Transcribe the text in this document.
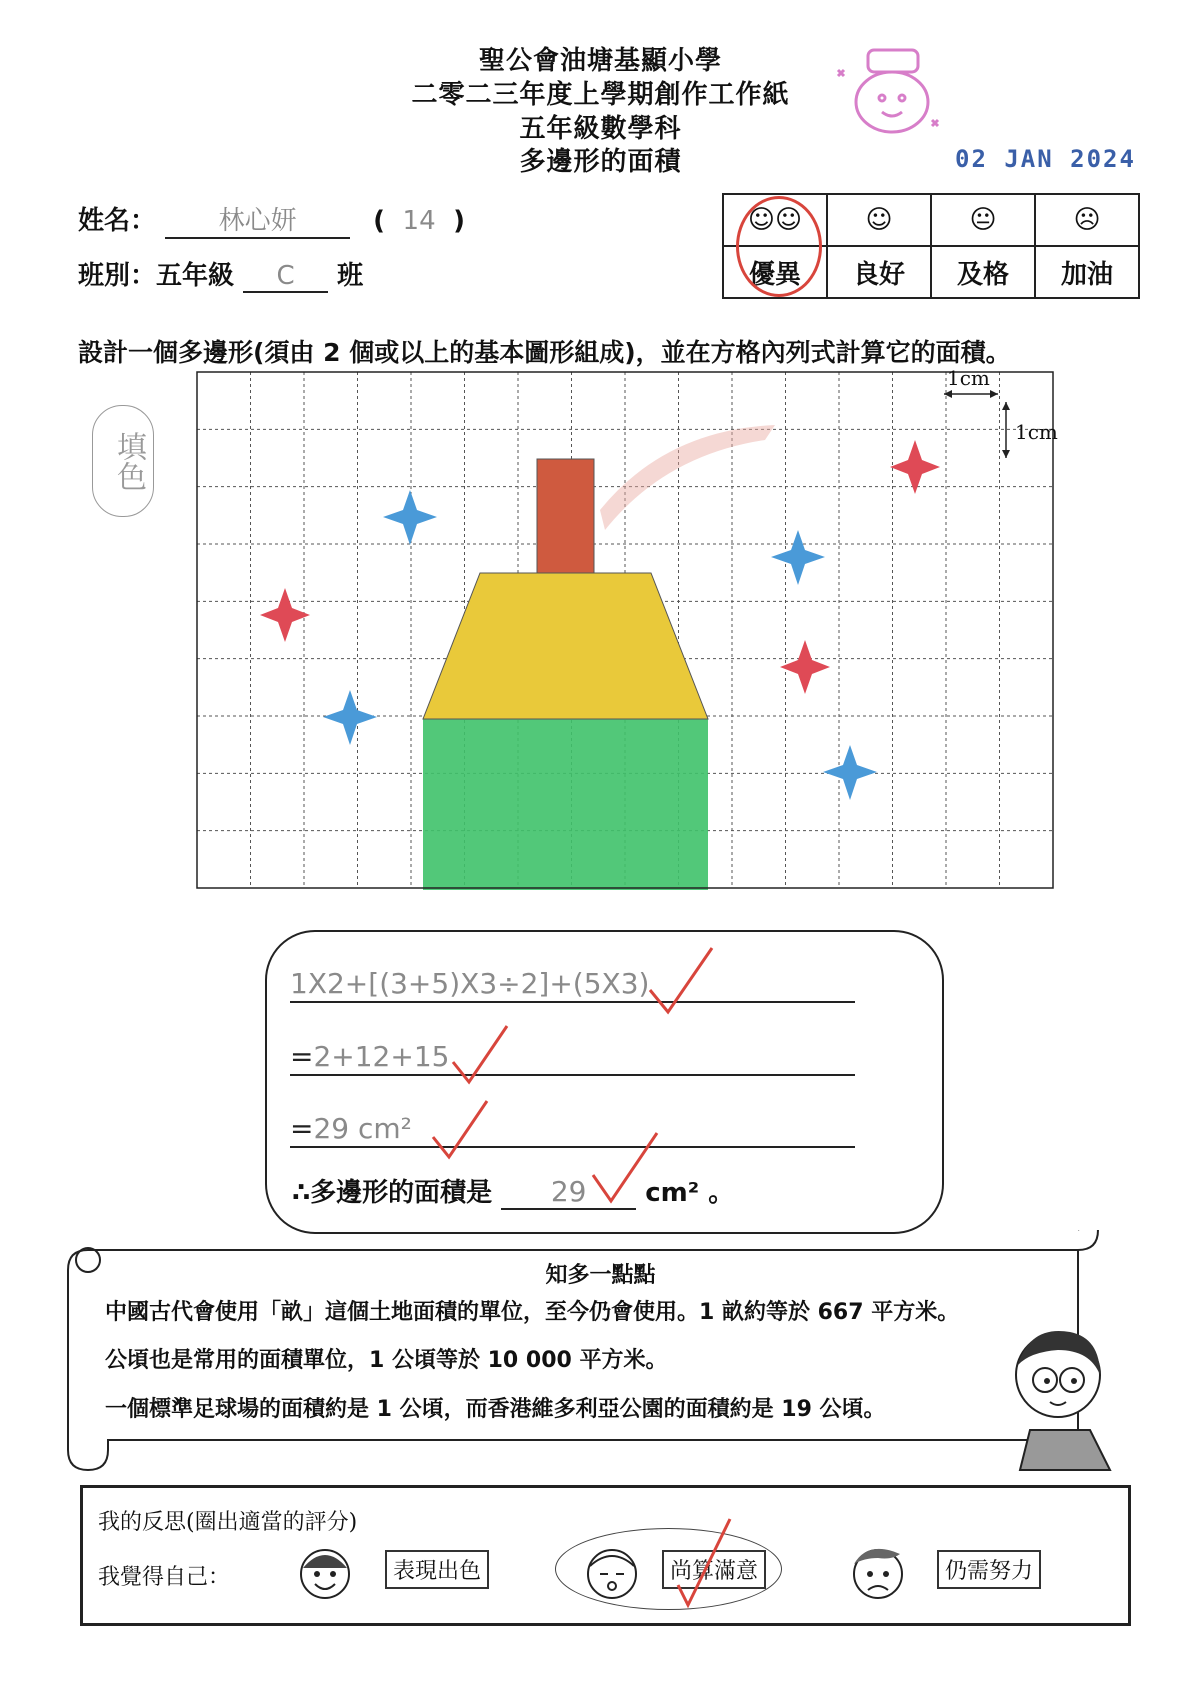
聖公會油塘基顯小學
二零二三年度上學期創作工作紙
五年級數學科
多邊形的面積	02 JAN 2024
姓名： 林心妍	( 14 )
班別：五年級 C 班
☺☺	☺	😐	☹
優異	良好	及格	加油
設計一個多邊形(須由 2 個或以上的基本圖形組成)，並在方格內列式計算它的面積。
填色
1cm
1cm
1X2+[(3+5)X3÷2]+(5X3)
=2+12+15
=29 cm²
∴多邊形的面積是 29 cm² 。
知多一點點
中國古代會使用「畝」這個土地面積的單位，至今仍會使用。1 畝約等於 667 平方米。
公頃也是常用的面積單位，1 公頃等於 10 000 平方米。
一個標準足球場的面積約是 1 公頃，而香港維多利亞公園的面積約是 19 公頃。
我的反思(圈出適當的評分)
我覺得自己：	表現出色	尚算滿意	仍需努力
